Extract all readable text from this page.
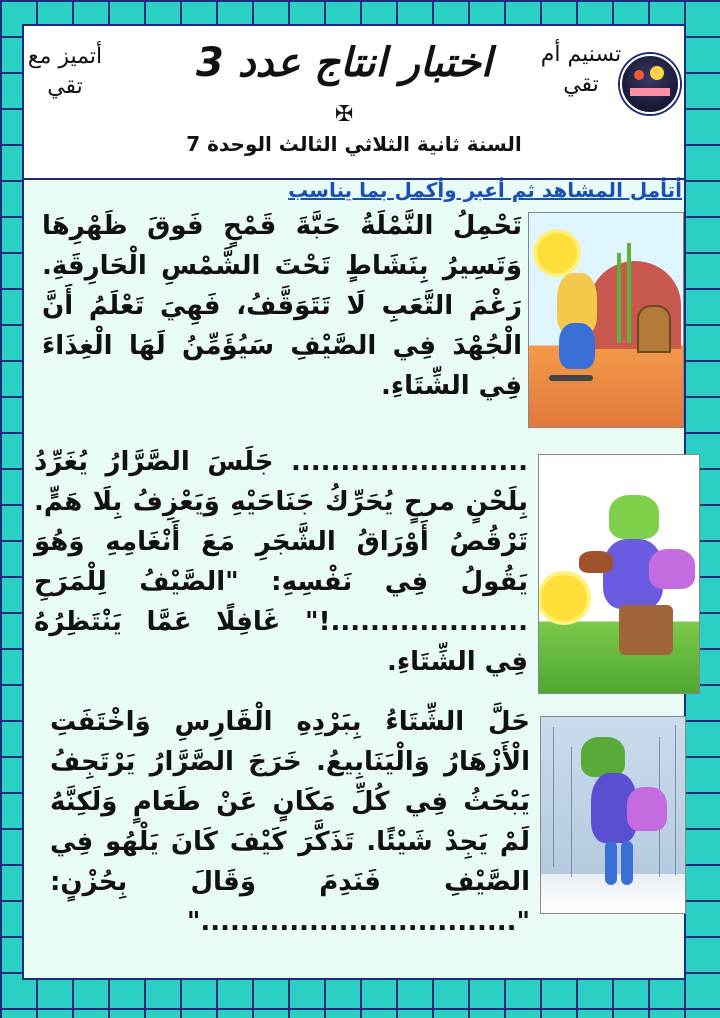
تسنيم أم
تقي
اختبار انتاج عدد 3
✠
أتميز مع
تقي
السنة ثانية الثلاثي الثالث الوحدة 7
أتأمل المشاهد ثم أعبر وأكمل بما يناسب
تَحْمِلُ النَّمْلَةُ حَبَّةَ قَمْحٍ فَوقَ ظَهْرِهَا وَتَسِيرُ بِنَشَاطٍ تَحْتَ الشَّمْسِ الْحَارِقَةِ. رَغْمَ التَّعَبِ لَا تَتَوَقَّفُ، فَهِيَ تَعْلَمُ أَنَّ الْجُهْدَ فِي الصَّيْفِ سَيُؤَمِّنُ لَهَا الْغِذَاءَ فِي الشِّتَاءِ.
........................ جَلَسَ الصَّرَّارُ يُغَرِّدُ بِلَحْنٍ مرحٍ يُحَرِّكُ جَنَاحَيْهِ وَيَعْزِفُ بِلَا هَمٍّ. تَرْقُصُ أَوْرَاقُ الشَّجَرِ مَعَ أَنْغَامِهِ وَهُوَ يَقُولُ فِي نَفْسِهِ: "الصَّيْفُ لِلْمَرَحِ ....................!" غَافِلًا عَمَّا يَنْتَظِرُهُ فِي الشِّتَاءِ.
حَلَّ الشِّتَاءُ بِبَرْدِهِ الْقَارِسِ وَاخْتَفَتِ الْأَزْهَارُ وَالْيَنَابِيعُ. خَرَجَ الصَّرَّارُ يَرْتَجِفُ يَبْحَثُ فِي كُلِّ مَكَانٍ عَنْ طَعَامٍ وَلَكِنَّهُ لَمْ يَجِدْ شَيْئًا. تَذَكَّرَ كَيْفَ كَانَ يَلْهُو فِي الصَّيْفِ فَنَدِمَ وَقَالَ بِحُزْنٍ: "................................"
